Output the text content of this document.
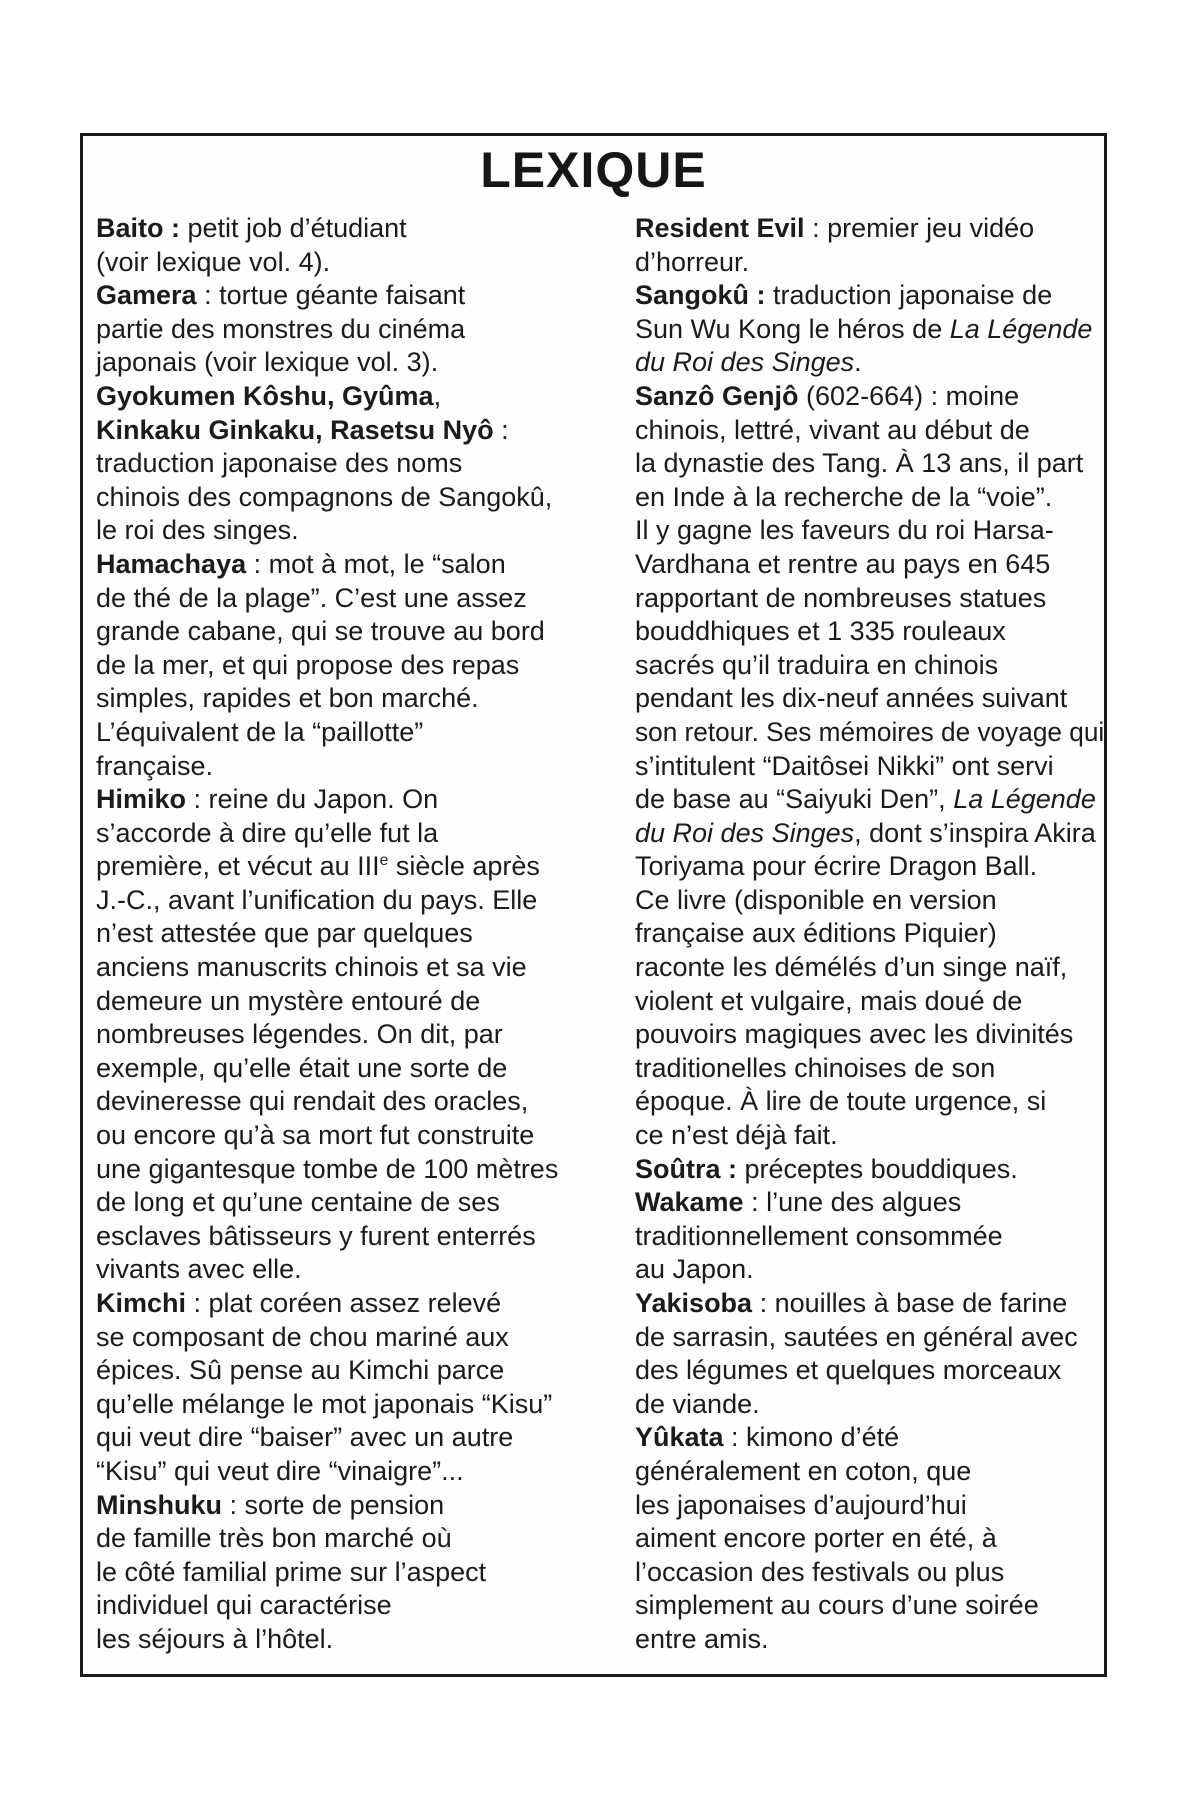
LEXIQUE
Baito : petit job d’étudiant
(voir lexique vol. 4).
Gamera : tortue géante faisant
partie des monstres du cinéma
japonais (voir lexique vol. 3).
Gyokumen Kôshu, Gyûma,
Kinkaku Ginkaku, Rasetsu Nyô :
traduction japonaise des noms
chinois des compagnons de Sangokû,
le roi des singes.
Hamachaya : mot à mot, le “salon
de thé de la plage”. C’est une assez
grande cabane, qui se trouve au bord
de la mer, et qui propose des repas
simples, rapides et bon marché.
L’équivalent de la “paillotte”
française.
Himiko : reine du Japon. On
s’accorde à dire qu’elle fut la
première, et vécut au IIIe siècle après
J.-C., avant l’unification du pays. Elle
n’est attestée que par quelques
anciens manuscrits chinois et sa vie
demeure un mystère entouré de
nombreuses légendes. On dit, par
exemple, qu’elle était une sorte de
devineresse qui rendait des oracles,
ou encore qu’à sa mort fut construite
une gigantesque tombe de 100 mètres
de long et qu’une centaine de ses
esclaves bâtisseurs y furent enterrés
vivants avec elle.
Kimchi : plat coréen assez relevé
se composant de chou mariné aux
épices. Sû pense au Kimchi parce
qu’elle mélange le mot japonais “Kisu”
qui veut dire “baiser” avec un autre
“Kisu” qui veut dire “vinaigre”...
Minshuku : sorte de pension
de famille très bon marché où
le côté familial prime sur l’aspect
individuel qui caractérise
les séjours à l’hôtel.
Resident Evil : premier jeu vidéo
d’horreur.
Sangokû : traduction japonaise de
Sun Wu Kong le héros de La Légende
du Roi des Singes.
Sanzô Genjô (602-664) : moine
chinois, lettré, vivant au début de
la dynastie des Tang. À 13 ans, il part
en Inde à la recherche de la “voie”.
Il y gagne les faveurs du roi Harsa-
Vardhana et rentre au pays en 645
rapportant de nombreuses statues
bouddhiques et 1 335 rouleaux
sacrés qu’il traduira en chinois
pendant les dix-neuf années suivant
son retour. Ses mémoires de voyage qui
s’intitulent “Daitôsei Nikki” ont servi
de base au “Saiyuki Den”, La Légende
du Roi des Singes, dont s’inspira Akira
Toriyama pour écrire Dragon Ball.
Ce livre (disponible en version
française aux éditions Piquier)
raconte les démélés d’un singe naïf,
violent et vulgaire, mais doué de
pouvoirs magiques avec les divinités
traditionelles chinoises de son
époque. À lire de toute urgence, si
ce n’est déjà fait.
Soûtra : préceptes bouddiques.
Wakame : l’une des algues
traditionnellement consommée
au Japon.
Yakisoba : nouilles à base de farine
de sarrasin, sautées en général avec
des légumes et quelques morceaux
de viande.
Yûkata : kimono d’été
généralement en coton, que
les japonaises d’aujourd’hui
aiment encore porter en été, à
l’occasion des festivals ou plus
simplement au cours d’une soirée
entre amis.
